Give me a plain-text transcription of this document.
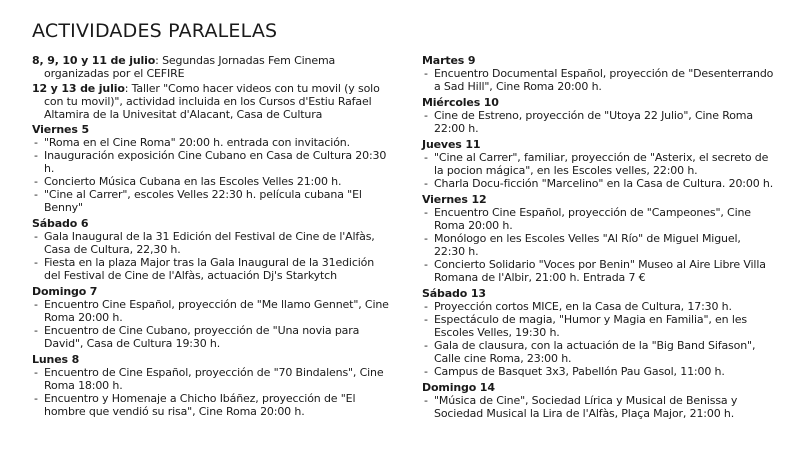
ACTIVIDADES PARALELAS

8, 9, 10 y 11 de julio: Segundas Jornadas Fem Cinema organizadas por el CEFIRE

12 y 13 de julio: Taller "Como hacer videos con tu movil (y solo con tu movil)", actividad incluida en los Cursos d'Estiu Rafael Altamira de la Univesitat d'Alacant, Casa de Cultura

Viernes 5
- "Roma en el Cine Roma" 20:00 h. entrada con invitación.
- Inauguración exposición Cine Cubano en Casa de Cultura 20:30 h.
- Concierto Música Cubana en las Escoles Velles 21:00 h.
- "Cine al Carrer", escoles Velles 22:30 h. película cubana "El Benny"
Sábado 6
- Gala Inaugural de la 31 Edición del Festival de Cine de l'Alfàs, Casa de Cultura, 22,30 h.
- Fiesta en la plaza Major tras la Gala Inaugural de la 31edición del Festival de Cine de l'Alfàs, actuación Dj's Starkytch
Domingo 7
- Encuentro Cine Español, proyección de "Me llamo Gennet", Cine Roma 20:00 h.
- Encuentro de Cine Cubano, proyección de "Una novia para David", Casa de Cultura 19:30 h.
Lunes 8
- Encuentro de Cine Español, proyección de "70 Bindalens", Cine Roma 18:00 h.
- Encuentro y Homenaje a Chicho Ibáñez, proyección de "El hombre que vendió su risa", Cine Roma 20:00 h.
Martes 9
- Encuentro Documental Español, proyección de "Desenterrando a Sad Hill", Cine Roma 20:00 h.
Miércoles 10
- Cine de Estreno, proyección de "Utoya 22 Julio", Cine Roma 22:00 h.
Jueves 11
- "Cine al Carrer", familiar, proyección de "Asterix, el secreto de la pocion mágica", en les Escoles velles, 22:00 h.
- Charla Docu-ficción "Marcelino" en la Casa de Cultura. 20:00 h.
Viernes 12
- Encuentro Cine Español, proyección de "Campeones", Cine Roma 20:00 h.
- Monólogo en les Escoles Velles "Al Río" de Miguel Miguel, 22:30 h.
- Concierto Solidario "Voces por Benin" Museo al Aire Libre Villa Romana de l'Albir, 21:00 h. Entrada 7 €
Sábado 13
- Proyección cortos MICE, en la Casa de Cultura, 17:30 h.
- Espectáculo de magia, "Humor y Magia en Familia", en les Escoles Velles, 19:30 h.
- Gala de clausura, con la actuación de la "Big Band Sifason", Calle cine Roma, 23:00 h.
- Campus de Basquet 3x3, Pabellón Pau Gasol, 11:00 h.
Domingo 14
- "Música de Cine", Sociedad Lírica y Musical de Benissa y Sociedad Musical la Lira de l'Alfàs, Plaça Major, 21:00 h.
